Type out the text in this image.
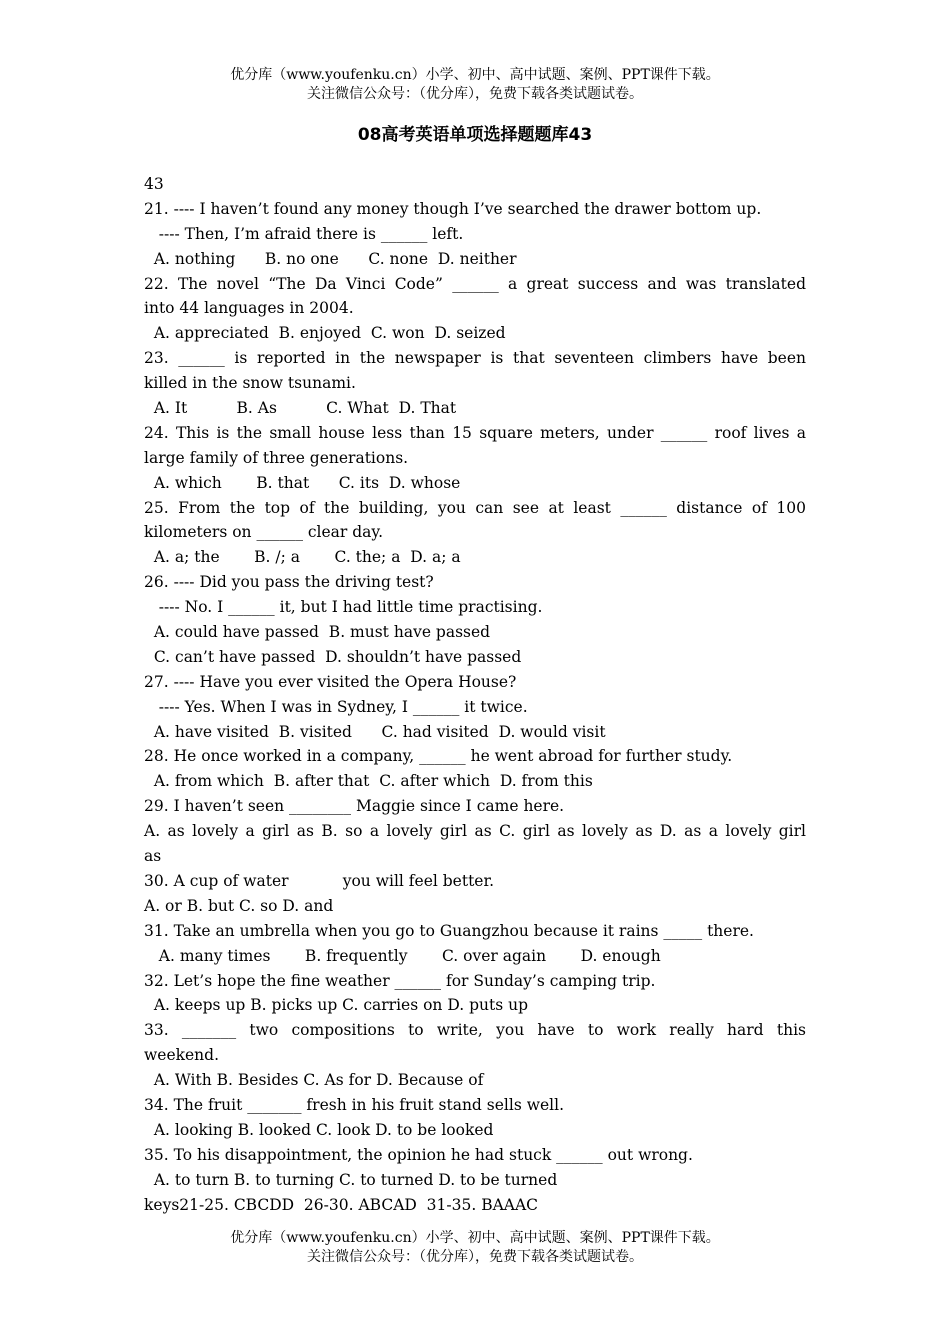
优分库（www.youfenku.cn）小学、初中、高中试题、案例、PPT课件下载。
关注微信公众号：（优分库），免费下载各类试题试卷。
08高考英语单项选择题题库43
43
21. ---- I haven’t found any money though I’ve searched the drawer bottom up.
---- Then, I’m afraid there is ______ left.
A. nothing      B. no one      C. none  D. neither
22. The novel “The Da Vinci Code” ______ a great success and was translated
into 44 languages in 2004.
A. appreciated  B. enjoyed  C. won  D. seized
23. ______ is reported in the newspaper is that seventeen climbers have been
killed in the snow tsunami.
A. It          B. As          C. What  D. That
24. This is the small house less than 15 square meters, under ______ roof lives a
large family of three generations.
A. which       B. that      C. its  D. whose
25. From the top of the building, you can see at least ______ distance of 100
kilometers on ______ clear day.
A. a; the       B. /; a       C. the; a  D. a; a
26. ---- Did you pass the driving test?
---- No. I ______ it, but I had little time practising.
A. could have passed  B. must have passed
C. can’t have passed  D. shouldn’t have passed
27. ---- Have you ever visited the Opera House?
---- Yes. When I was in Sydney, I ______ it twice.
A. have visited  B. visited      C. had visited  D. would visit
28. He once worked in a company, ______ he went abroad for further study.
A. from which  B. after that  C. after which  D. from this
29. I haven’t seen ________ Maggie since I came here.
A. as lovely a girl as B. so a lovely girl as C. girl as lovely as D. as a lovely girl
as
30. A cup of water           you will feel better.
A. or B. but C. so D. and
31. Take an umbrella when you go to Guangzhou because it rains _____ there.
A. many times       B. frequently       C. over again       D. enough
32. Let’s hope the fine weather ______ for Sunday’s camping trip.
A. keeps up B. picks up C. carries on D. puts up
33. _______ two compositions to write, you have to work really hard this
weekend.
A. With B. Besides C. As for D. Because of
34. The fruit _______ fresh in his fruit stand sells well.
A. looking B. looked C. look D. to be looked
35. To his disappointment, the opinion he had stuck ______ out wrong.
A. to turn B. to turning C. to turned D. to be turned
keys21-25. CBCDD  26-30. ABCAD  31-35. BAAAC
优分库（www.youfenku.cn）小学、初中、高中试题、案例、PPT课件下载。
关注微信公众号：（优分库），免费下载各类试题试卷。
